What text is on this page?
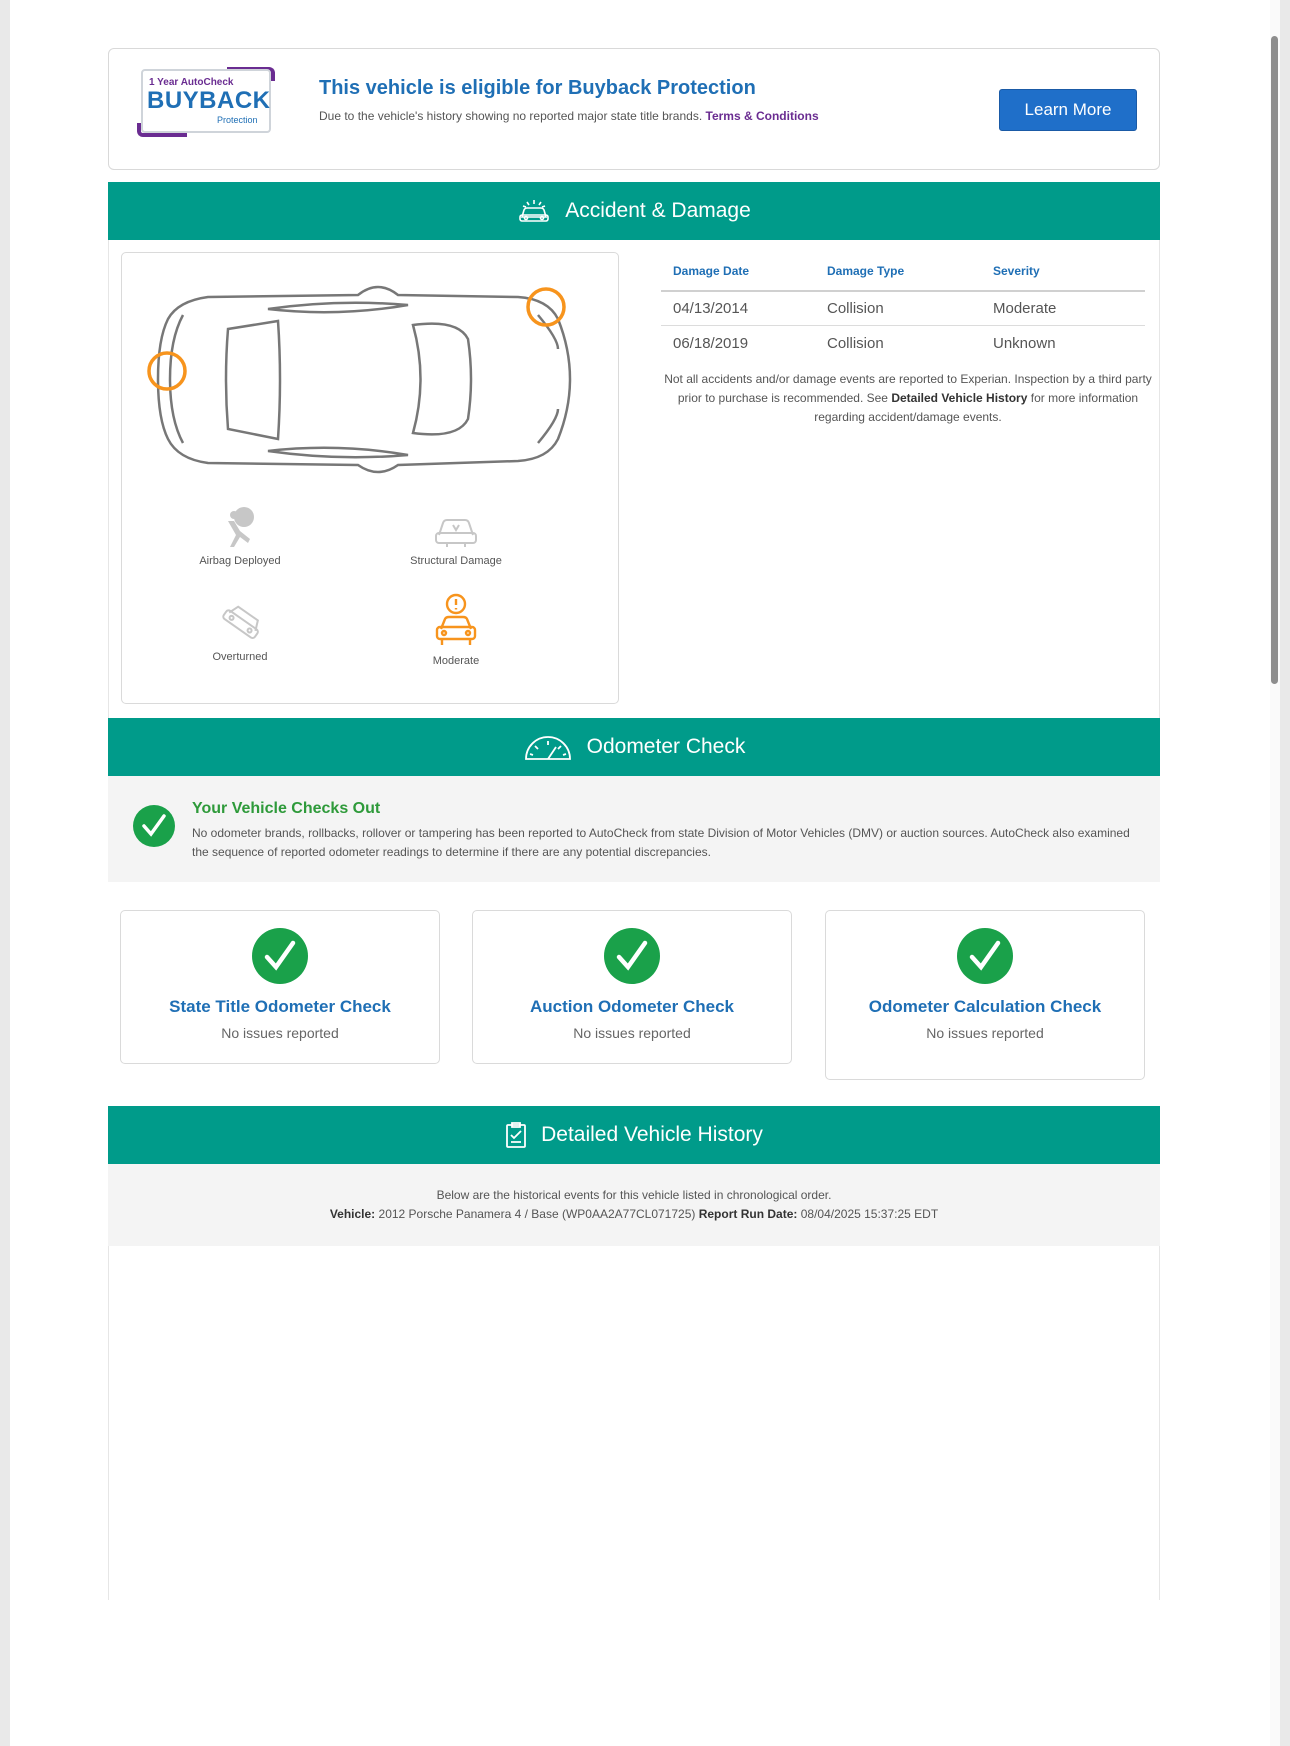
1 Year AutoCheck
BUYBACK
Protection
This vehicle is eligible for Buyback Protection
Due to the vehicle's history showing no reported major state title brands. Terms & Conditions	Learn More
Accident & Damage
Airbag Deployed	Structural Damage
Overturned	Moderate
Damage Date	Damage Type	Severity
04/13/2014	Collision	Moderate
06/18/2019	Collision	Unknown
Not all accidents and/or damage events are reported to Experian. Inspection by a third party prior to purchase is recommended. See Detailed Vehicle History for more information regarding accident/damage events.
Odometer Check
Your Vehicle Checks Out
No odometer brands, rollbacks, rollover or tampering has been reported to AutoCheck from state Division of Motor Vehicles (DMV) or auction sources. AutoCheck also examined the sequence of reported odometer readings to determine if there are any potential discrepancies.
State Title Odometer Check
No issues reported
Auction Odometer Check
No issues reported
Odometer Calculation Check
No issues reported
Detailed Vehicle History
Below are the historical events for this vehicle listed in chronological order.
Vehicle: 2012 Porsche Panamera 4 / Base (WP0AA2A77CL071725) Report Run Date: 08/04/2025 15:37:25 EDT
